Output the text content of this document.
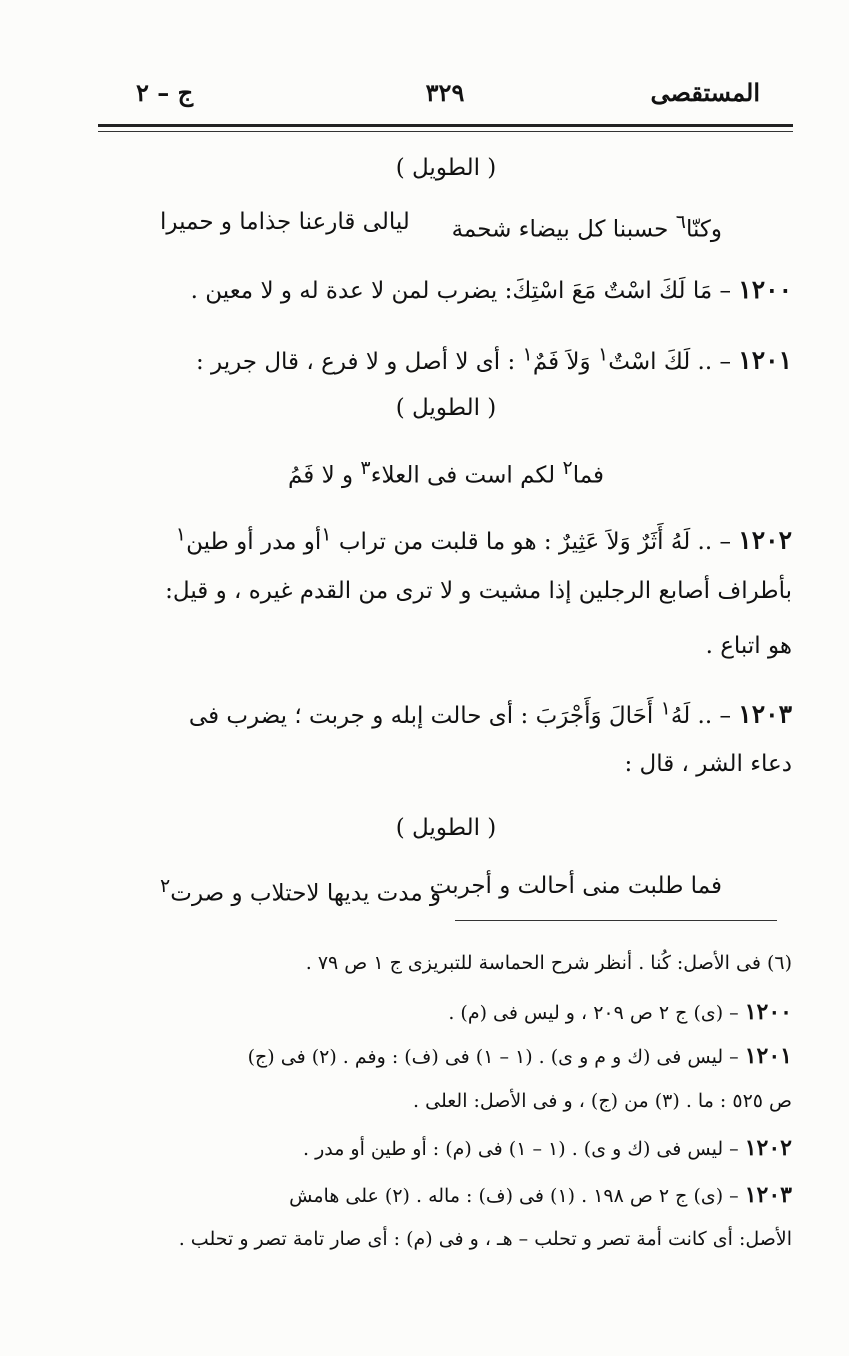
المستقصى
٣٢٩
ج – ٢
( الطويل )
وكنّا$^٦$ حسبنا كل بيضاء شحمة
ليالى قارعنا جذاما و حميرا
١٢٠٠ – مَا لَكَ اسْتٌ مَعَ اسْتِكَ: يضرب لمن لا عدة له و لا معين .
١٢٠١ – .. لَكَ اسْتٌ$^١$ وَلاَ فَمٌ$^١$ : أى لا أصل و لا فرع ، قال جرير :
( الطويل )
فما$^٢$ لكم است فى العلاء$^٣$ و لا فَمُ
١٢٠٢ – .. لَهُ أَثَرٌ وَلاَ عَثِيرٌ : هو ما قلبت من تراب $^١$أو مدر أو طين$^١$
بأطراف أصابع الرجلين إذا مشيت و لا ترى من القدم غيره ، و قيل:
هو اتباع .
١٢٠٣ – .. لَهُ$^١$ أَحَالَ وَأَجْرَبَ : أى حالت إبله و جربت ؛ يضرب فى
دعاء الشر ، قال :
( الطويل )
فما طلبت منى أحالت و أجربت
و مدت يديها لاحتلاب و صرت$^٢$
(٦) فى الأصل: كُنا . أنظر شرح الحماسة للتبريزى ج ١ ص ٧٩ .
١٢٠٠ – (ى) ج ٢ ص ٢٠٩ ، و ليس فى (م) .
١٢٠١ – ليس فى (ك و م و ى) . (١ – ١) فى (ف) : وفم . (٢) فى (ج)
ص ٥٢٥ : ما . (٣) من (ج) ، و فى الأصل: العلى .
١٢٠٢ – ليس فى (ك و ى) . (١ – ١) فى (م) : أو طين أو مدر .
١٢٠٣ – (ى) ج ٢ ص ١٩٨ . (١) فى (ف) : ماله . (٢) على هامش
الأصل: أى كانت أمة تصر و تحلب – هـ ، و فى (م) : أى صار تامة تصر و تحلب .
